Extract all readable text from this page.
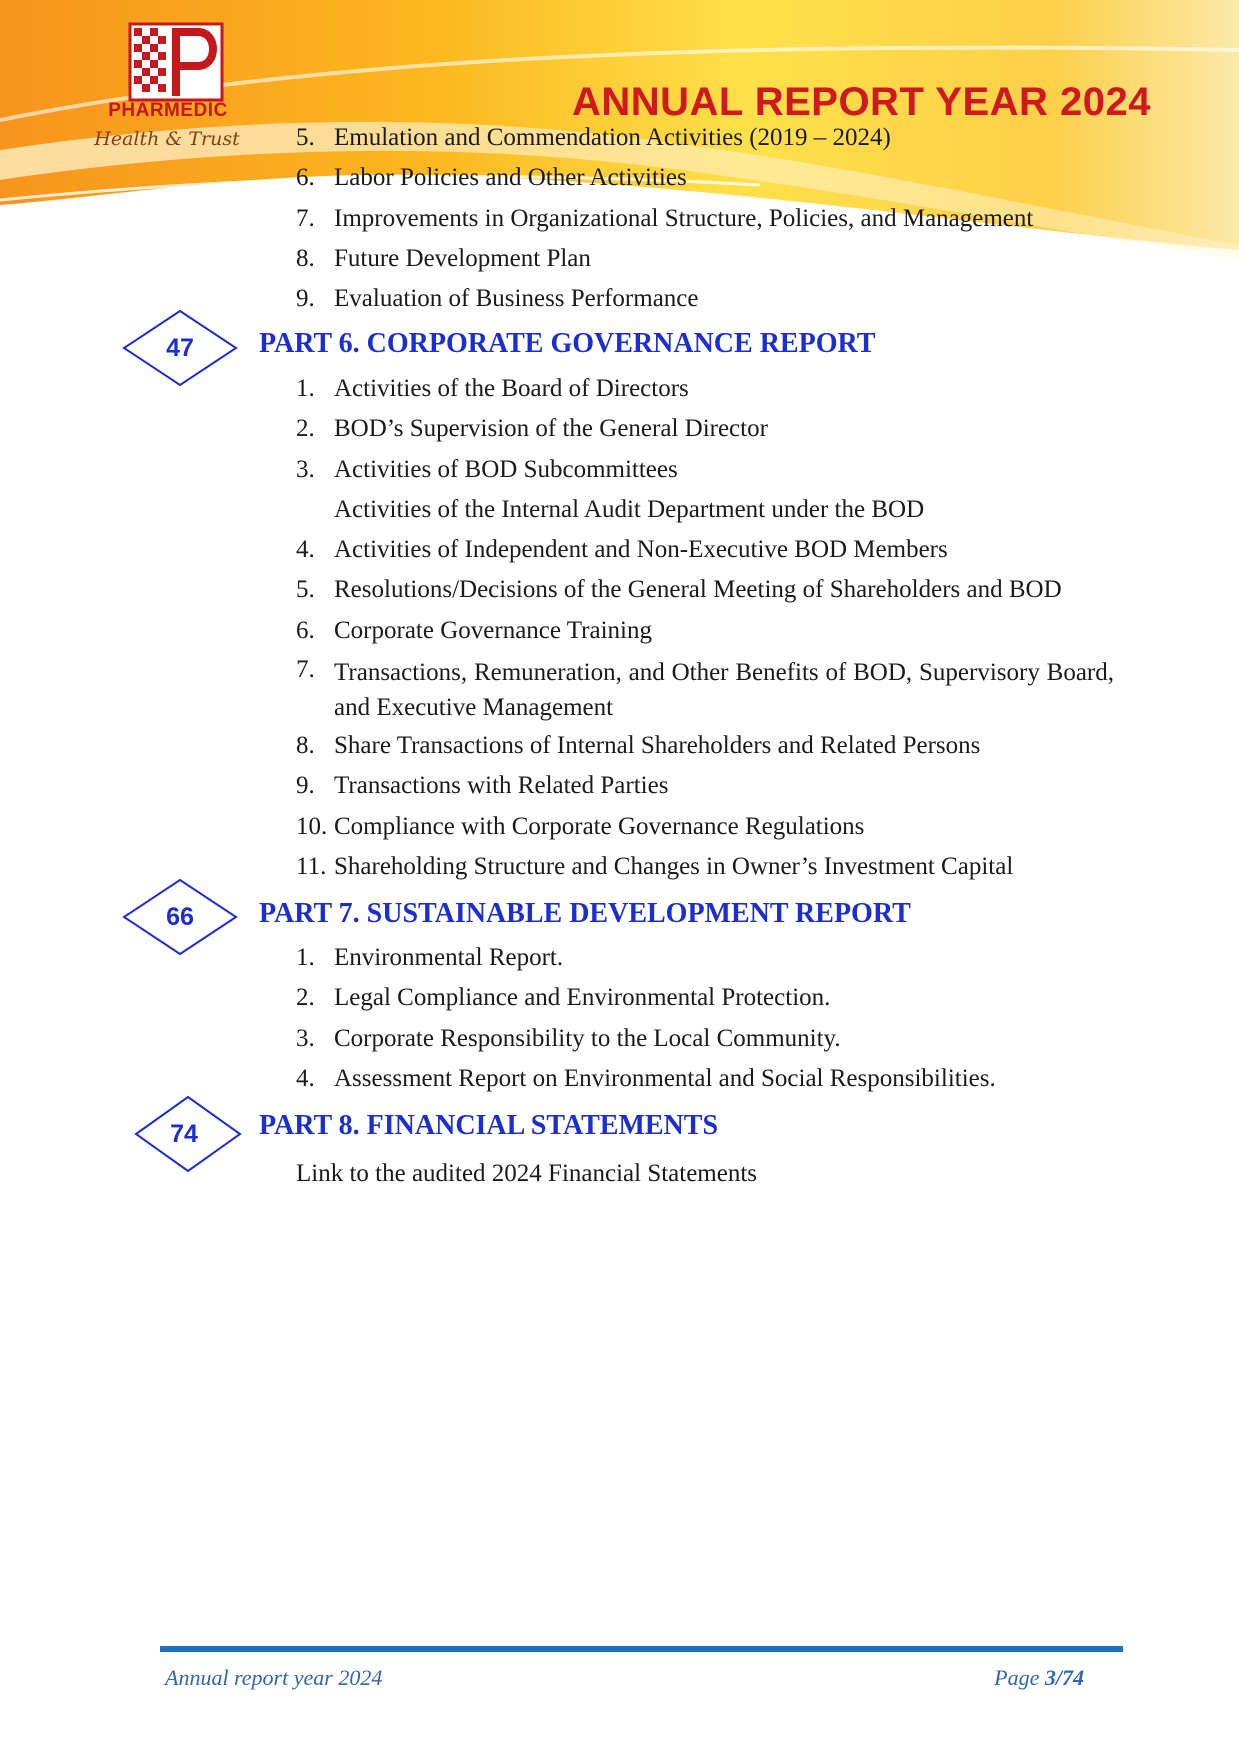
PHARMEDIC
Health & Trust
ANNUAL REPORT YEAR 2024
5. Emulation and Commendation Activities (2019 – 2024)
6. Labor Policies and Other Activities
7. Improvements in Organizational Structure, Policies, and Management
8. Future Development Plan
9. Evaluation of Business Performance
47	PART 6. CORPORATE GOVERNANCE REPORT
1. Activities of the Board of Directors
2. BOD’s Supervision of the General Director
3. Activities of BOD Subcommittees
Activities of the Internal Audit Department under the BOD
4. Activities of Independent and Non-Executive BOD Members
5. Resolutions/Decisions of the General Meeting of Shareholders and BOD
6. Corporate Governance Training
7. Transactions, Remuneration, and Other Benefits of BOD, Supervisory Board, and Executive Management
8. Share Transactions of Internal Shareholders and Related Persons
9. Transactions with Related Parties
10. Compliance with Corporate Governance Regulations
11. Shareholding Structure and Changes in Owner’s Investment Capital
66	PART 7. SUSTAINABLE DEVELOPMENT REPORT
1. Environmental Report.
2. Legal Compliance and Environmental Protection.
3. Corporate Responsibility to the Local Community.
4. Assessment Report on Environmental and Social Responsibilities.
74	PART 8. FINANCIAL STATEMENTS
Link to the audited 2024 Financial Statements
Annual report year 2024	Page 3/74
